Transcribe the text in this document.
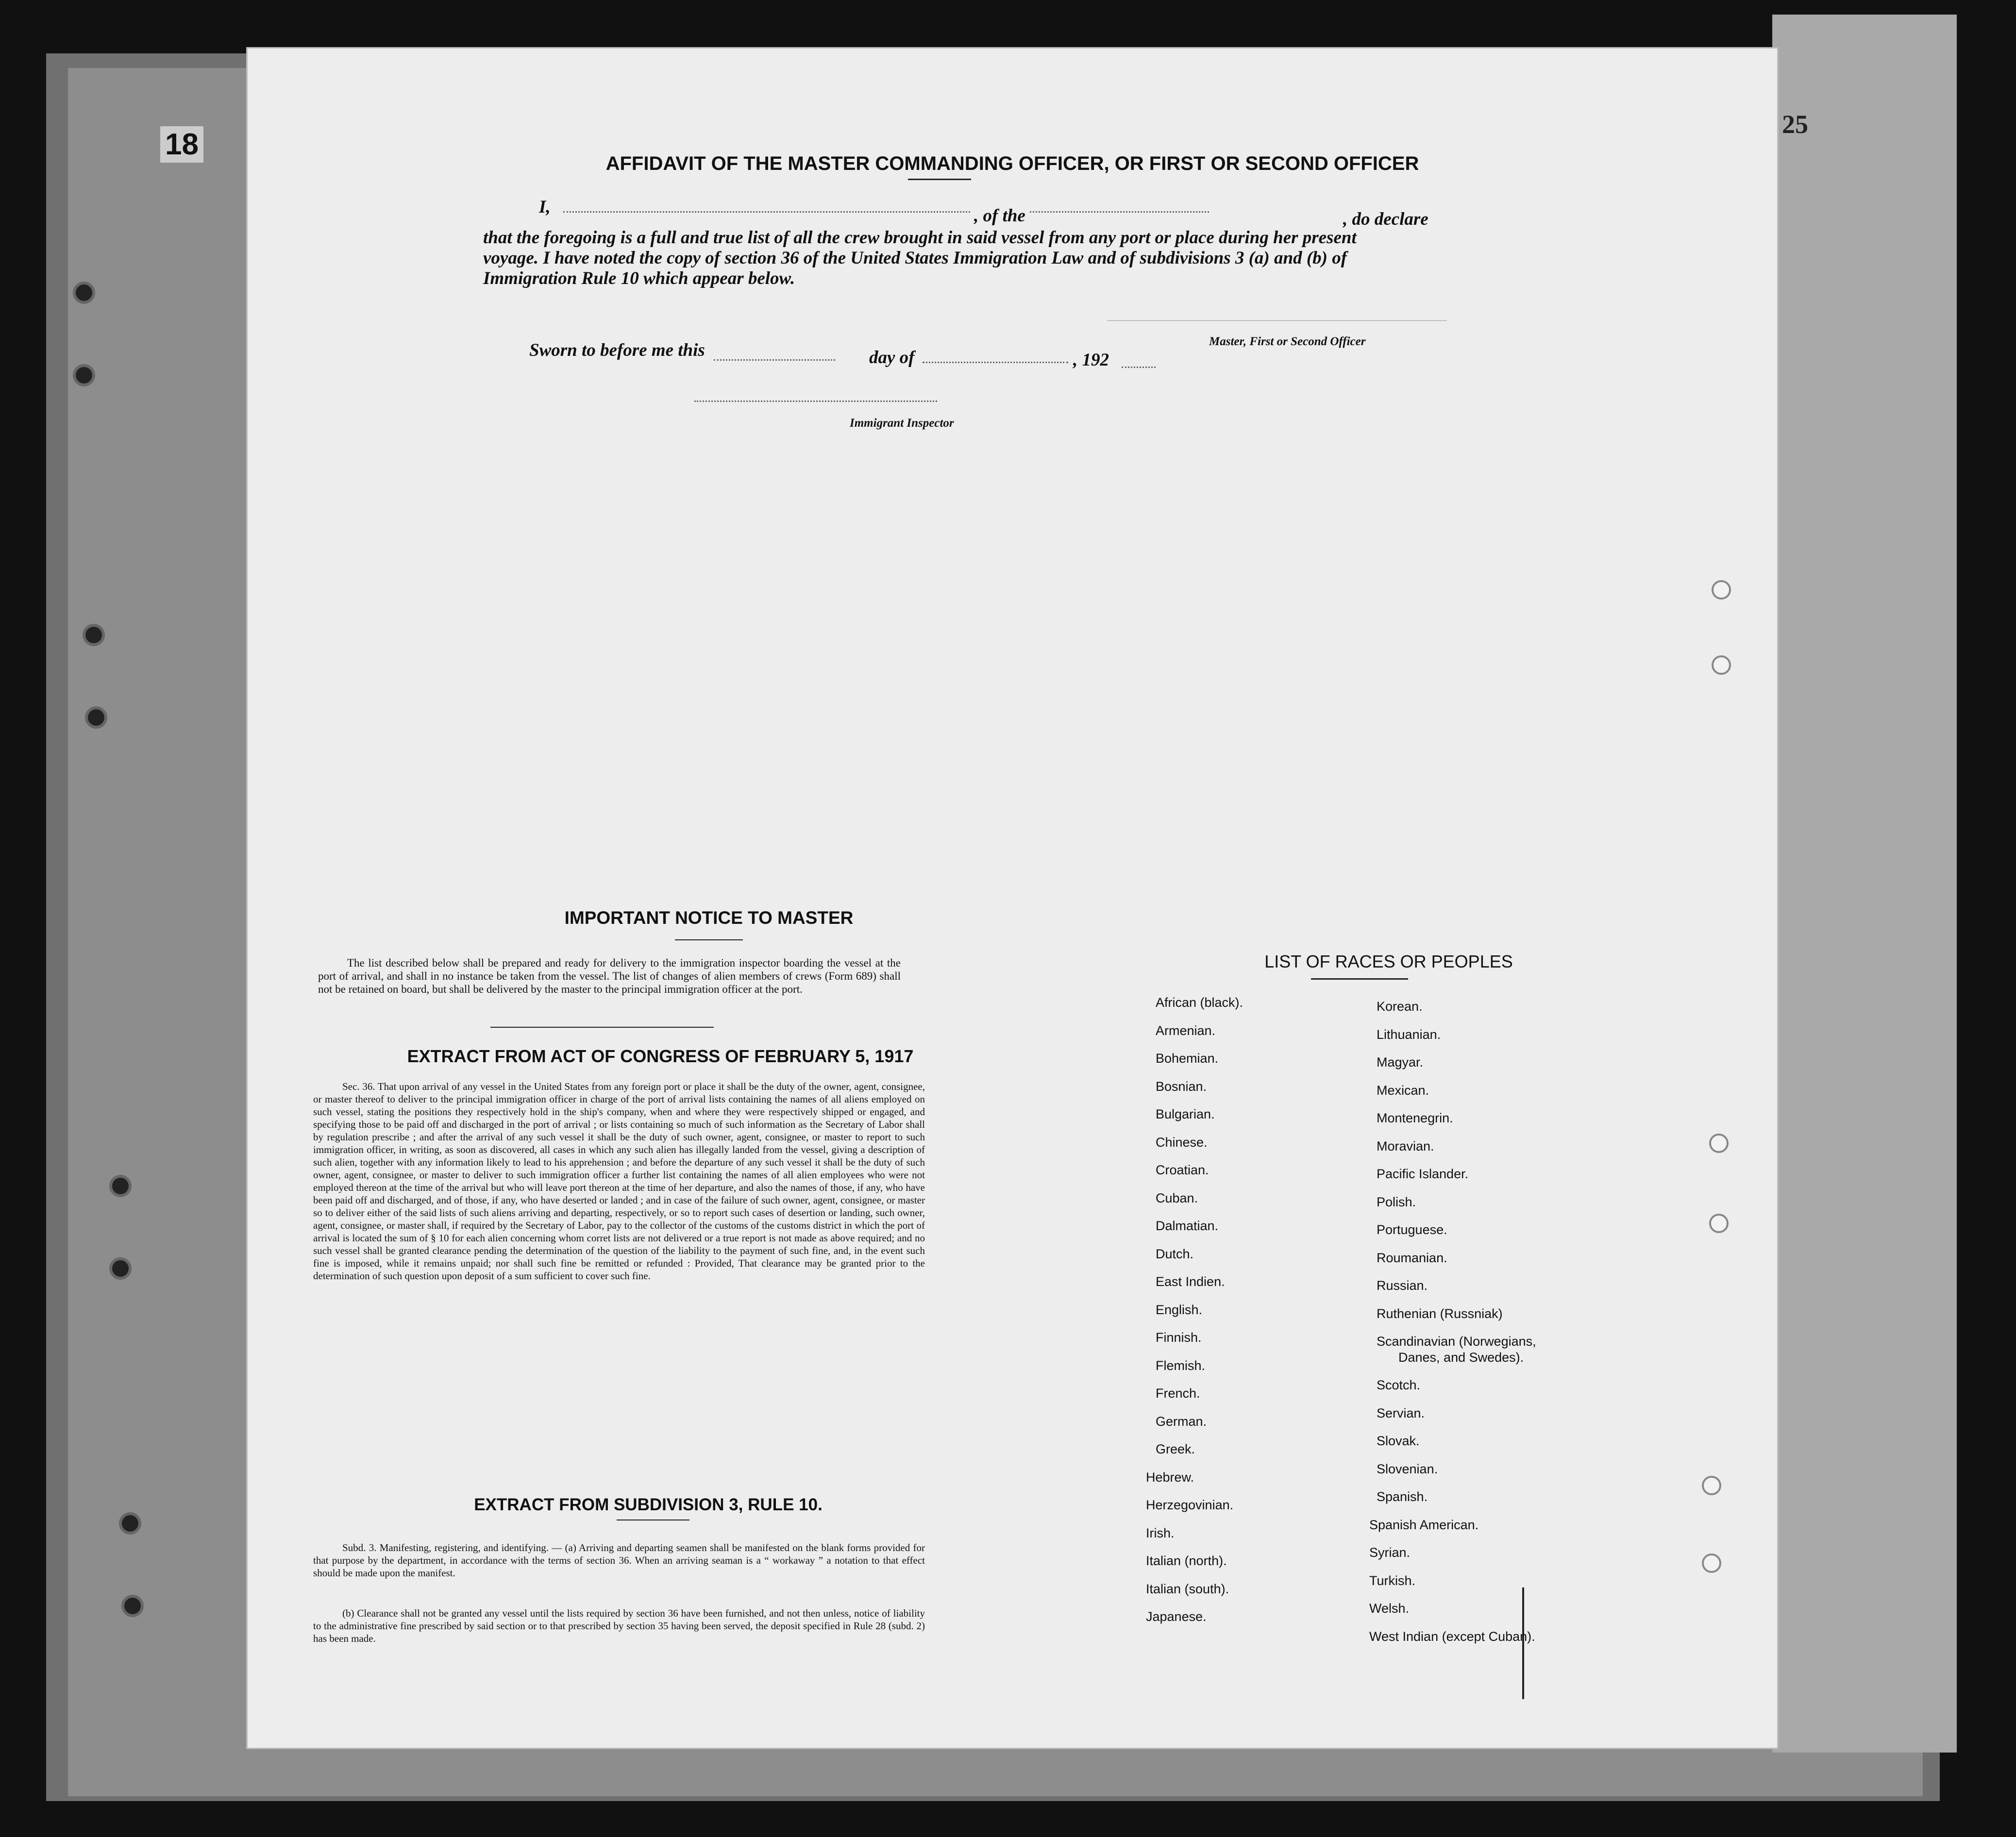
18
AFFIDAVIT OF THE MASTER COMMANDING OFFICER, OR FIRST OR SECOND OFFICER
I,	, of the	, do declare
that the foregoing is a full and true list of all the crew brought in said vessel from any port or place during her present
voyage. I have noted the copy of section 36 of the United States Immigration Law and of subdivisions 3 (a) and (b) of
Immigration Rule 10 which appear below.
Master, First or Second Officer
Sworn to before me this	day of	, 192
Immigrant Inspector
IMPORTANT NOTICE TO MASTER
The list described below shall be prepared and ready for delivery to the immigration inspector boarding the vessel at the port of arrival, and shall in no instance be taken from the vessel. The list of changes of alien members of crews (Form 689) shall not be retained on board, but shall be delivered by the master to the principal immigration officer at the port.
EXTRACT FROM ACT OF CONGRESS OF FEBRUARY 5, 1917
Sec. 36. That upon arrival of any vessel in the United States from any foreign port or place it shall be the duty of the owner, agent, consignee, or master thereof to deliver to the principal immigration officer in charge of the port of arrival lists containing the names of all aliens employed on such vessel, stating the positions they respectively hold in the ship's company, when and where they were respectively shipped or engaged, and specifying those to be paid off and discharged in the port of arrival ; or lists containing so much of such information as the Secretary of Labor shall by regulation prescribe ; and after the arrival of any such vessel it shall be the duty of such owner, agent, consignee, or master to report to such immigration officer, in writing, as soon as discovered, all cases in which any such alien has illegally landed from the vessel, giving a description of such alien, together with any information likely to lead to his apprehension ; and before the departure of any such vessel it shall be the duty of such owner, agent, consignee, or master to deliver to such immigration officer a further list containing the names of all alien employees who were not employed thereon at the time of the arrival but who will leave port thereon at the time of her departure, and also the names of those, if any, who have been paid off and discharged, and of those, if any, who have deserted or landed ; and in case of the failure of such owner, agent, consignee, or master so to deliver either of the said lists of such aliens arriving and departing, respectively, or so to report such cases of desertion or landing, such owner, agent, consignee, or master shall, if required by the Secretary of Labor, pay to the collector of the customs of the customs district in which the port of arrival is located the sum of § 10 for each alien concerning whom corret lists are not delivered or a true report is not made as above required; and no such vessel shall be granted clearance pending the determination of the question of the liability to the payment of such fine, and, in the event such fine is imposed, while it remains unpaid; nor shall such fine be remitted or refunded : Provided, That clearance may be granted prior to the determination of such question upon deposit of a sum sufficient to cover such fine.
EXTRACT FROM SUBDIVISION 3, RULE 10.
Subd. 3. Manifesting, registering, and identifying. — (a) Arriving and departing seamen shall be manifested on the blank forms provided for that purpose by the department, in accordance with the terms of section 36. When an arriving seaman is a “ workaway ” a notation to that effect should be made upon the manifest.
(b) Clearance shall not be granted any vessel until the lists required by section 36 have been furnished, and not then unless, notice of liability to the administrative fine prescribed by said section or to that prescribed by section 35 having been served, the deposit specified in Rule 28 (subd. 2) has been made.
LIST OF RACES OR PEOPLES
African (black).
Armenian.
Bohemian.
Bosnian.
Bulgarian.
Chinese.
Croatian.
Cuban.
Dalmatian.
Dutch.
East Indien.
English.
Finnish.
Flemish.
French.
German.
Greek.
Hebrew.
Herzegovinian.
Irish.
Italian (north).
Italian (south).
Japanese.
Korean.
Lithuanian.
Magyar.
Mexican.
Montenegrin.
Moravian.
Pacific Islander.
Polish.
Portuguese.
Roumanian.
Russian.
Ruthenian (Russniak)
Scandinavian (Norwegians,
Danes, and Swedes).
Scotch.
Servian.
Slovak.
Slovenian.
Spanish.
Spanish American.
Syrian.
Turkish.
Welsh.
West Indian (except Cuban).
25
